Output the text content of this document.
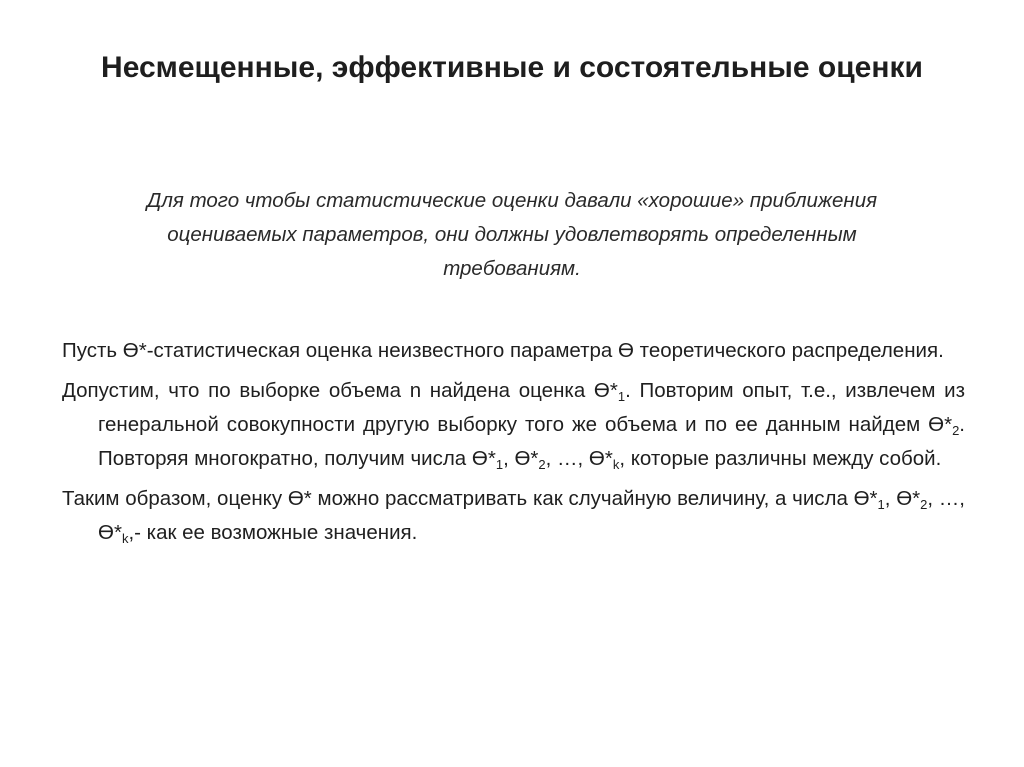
Несмещенные, эффективные и состоятельные оценки
Для того чтобы статистические оценки давали «хорошие» приближения оцениваемых параметров, они должны удовлетворять определенным требованиям.

Пусть Ө*-статистическая оценка неизвестного параметра Ө теоретического распределения.

Допустим, что по выборке объема n найдена оценка $Ө*_1$. Повторим опыт, т.е., извлечем из генеральной совокупности другую выборку того же объема и по ее данным найдем $Ө*_2$. Повторяя многократно, получим числа $Ө*_1$, $Ө*_2$, …, $Ө*_k$, которые различны между собой.

Таким образом, оценку Ө* можно рассматривать как случайную величину, а числа $Ө*_1$, $Ө*_2$, …, $Ө*_k,-$ как ее возможные значения.
